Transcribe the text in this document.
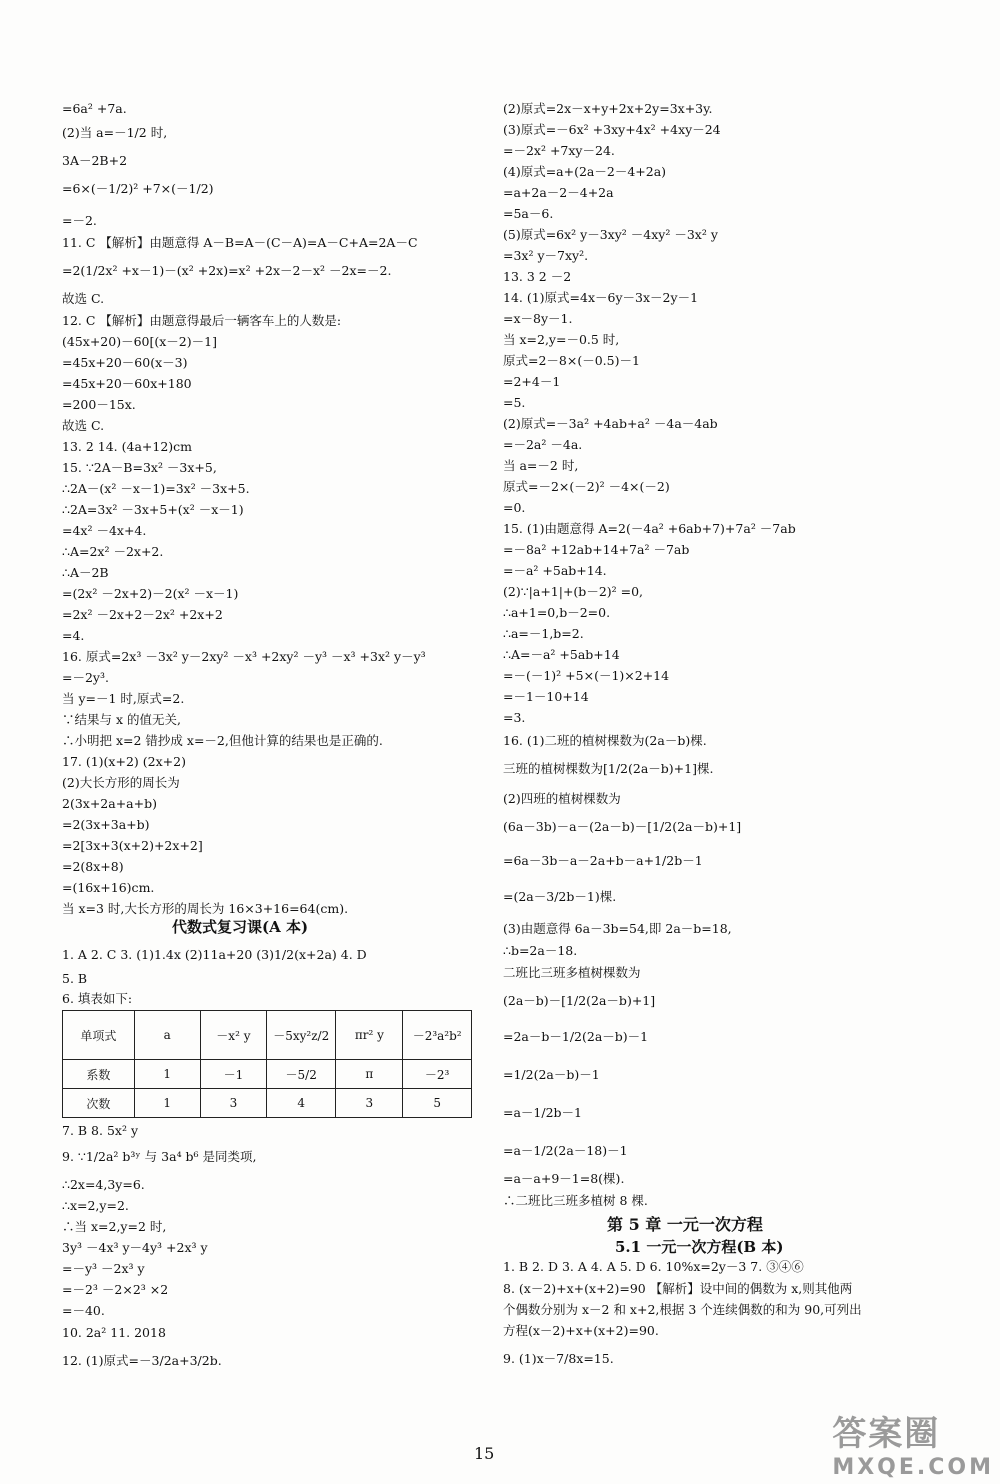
单项式	a	－x² y	－5xy²z/2	πr² y	－2³a²b²
系数	1	－1	－5/2	π	－2³
次数	1	3	4	3	5
=6a² +7a.
(2)当 a=－1/2 时,
3A－2B+2
=6×(－1/2)² +7×(－1/2)
=－2.
11. C 【解析】由题意得 A－B=A－(C－A)=A－C+A=2A－C
=2(1/2x² +x－1)－(x² +2x)=x² +2x－2－x² －2x=－2.
故选 C.
12. C 【解析】由题意得最后一辆客车上的人数是:
(45x+20)－60[(x－2)－1]
=45x+20－60(x－3)
=45x+20－60x+180
=200－15x.
故选 C.
13. 2 14. (4a+12)cm
15. ∵2A－B=3x² －3x+5,
∴2A－(x² －x－1)=3x² －3x+5.
∴2A=3x² －3x+5+(x² －x－1)
=4x² －4x+4.
∴A=2x² －2x+2.
∴A－2B
=(2x² －2x+2)－2(x² －x－1)
=2x² －2x+2－2x² +2x+2
=4.
16. 原式=2x³ －3x² y－2xy² －x³ +2xy² －y³ －x³ +3x² y－y³
=－2y³.
当 y=－1 时,原式=2.
∵结果与 x 的值无关,
∴小明把 x=2 错抄成 x=－2,但他计算的结果也是正确的.
17. (1)(x+2) (2x+2)
(2)大长方形的周长为
2(3x+2a+a+b)
=2(3x+3a+b)
=2[3x+3(x+2)+2x+2]
=2(8x+8)
=(16x+16)cm.
当 x=3 时,大长方形的周长为 16×3+16=64(cm).
1. A 2. C 3. (1)1.4x (2)11a+20 (3)1/2(x+2a) 4. D
5. B
6. 填表如下:
7. B 8. 5x² y
9. ∵1/2a² b³ʸ 与 3a⁴ b⁶ 是同类项,
∴2x=4,3y=6.
∴x=2,y=2.
∴当 x=2,y=2 时,
3y³ －4x³ y－4y³ +2x³ y
=－y³ －2x³ y
=－2³ －2×2³ ×2
=－40.
10. 2a² 11. 2018
12. (1)原式=－3/2a+3/2b.
代数式复习课(A 本)
(2)原式=2x－x+y+2x+2y=3x+3y.
(3)原式=－6x² +3xy+4x² +4xy－24
=－2x² +7xy－24.
(4)原式=a+(2a－2－4+2a)
=a+2a－2－4+2a
=5a－6.
(5)原式=6x² y－3xy² －4xy² －3x² y
=3x² y－7xy².
13. 3 2 －2
14. (1)原式=4x－6y－3x－2y－1
=x－8y－1.
当 x=2,y=－0.5 时,
原式=2－8×(－0.5)－1
=2+4－1
=5.
(2)原式=－3a² +4ab+a² －4a－4ab
=－2a² －4a.
当 a=－2 时,
原式=－2×(－2)² －4×(－2)
=0.
15. (1)由题意得 A=2(－4a² +6ab+7)+7a² －7ab
=－8a² +12ab+14+7a² －7ab
=－a² +5ab+14.
(2)∵|a+1|+(b－2)² =0,
∴a+1=0,b－2=0.
∴a=－1,b=2.
∴A=－a² +5ab+14
=－(－1)² +5×(－1)×2+14
=－1－10+14
=3.
16. (1)二班的植树棵数为(2a－b)棵.
三班的植树棵数为[1/2(2a－b)+1]棵.
(2)四班的植树棵数为
(6a－3b)－a－(2a－b)－[1/2(2a－b)+1]
=6a－3b－a－2a+b－a+1/2b－1
=(2a－3/2b－1)棵.
(3)由题意得 6a－3b=54,即 2a－b=18,
∴b=2a－18.
二班比三班多植树棵数为
(2a－b)－[1/2(2a－b)+1]
=2a－b－1/2(2a－b)－1
=1/2(2a－b)－1
=a－1/2b－1
=a－1/2(2a－18)－1
=a－a+9－1=8(棵).
∴二班比三班多植树 8 棵.
1. B 2. D 3. A 4. A 5. D 6. 10%x=2y－3 7. ③④⑥
8. (x－2)+x+(x+2)=90 【解析】设中间的偶数为 x,则其他两
个偶数分别为 x－2 和 x+2,根据 3 个连续偶数的和为 90,可列出
方程(x－2)+x+(x+2)=90.
9. (1)x－7/8x=15.
第 5 章 一元一次方程
5.1 一元一次方程(B 本)
15	答案圈
MXQE.COM
